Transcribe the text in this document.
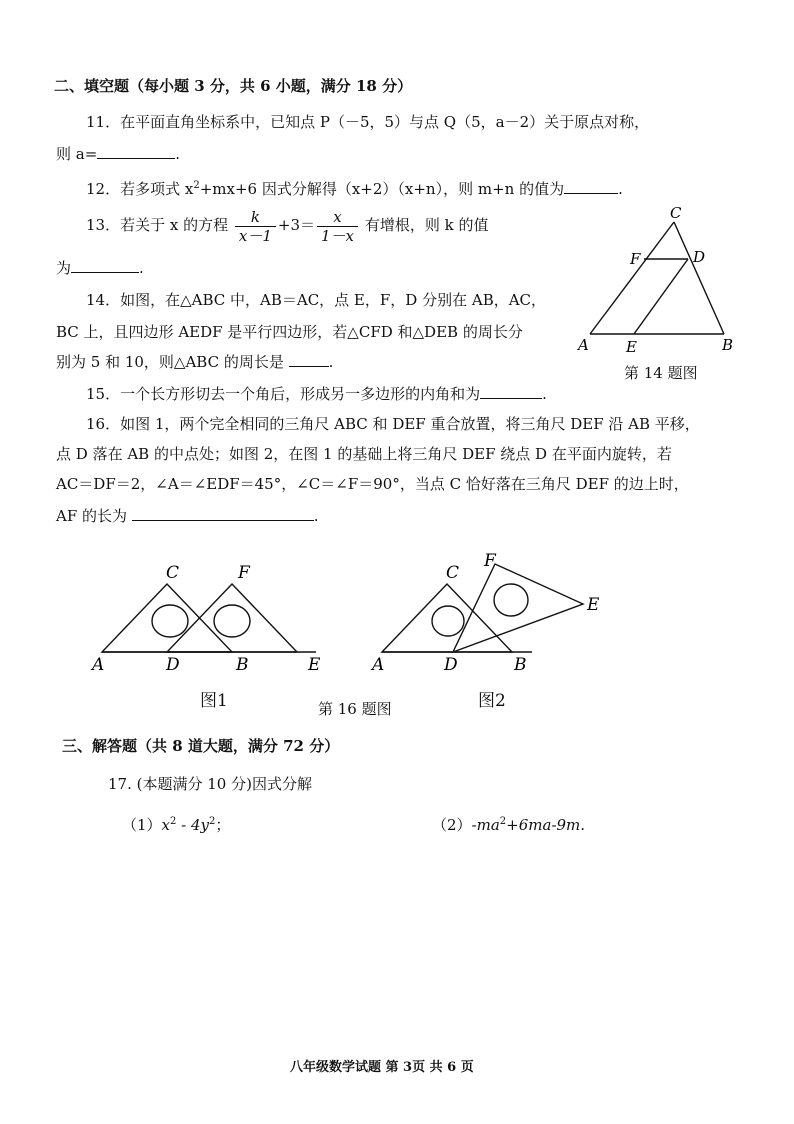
二、填空题（每小题 3 分，共 6 小题，满分 18 分）
11．在平面直角坐标系中，已知点 P（－5，5）与点 Q（5，a－2）关于原点对称，
则 a=	.
12．若多项式 $x^2+mx+6$ 因式分解得（x+2）（x+n），则 m+n 的值为	.
13．若关于 x 的方程 $\frac{k}{x-1} +3= \frac{x}{1-x}$ 有增根，则 k 的值
为	.
14．如图，在△ABC 中，AB＝AC，点 E，F，D 分别在 AB，AC，
BC 上，且四边形 AEDF 是平行四边形，若△CFD 和△DEB 的周长分
别为 5 和 10，则△ABC 的周长是	.
C
F	D
A E	B
第 14 题图
15．一个长方形切去一个角后，形成另一多边形的内角和为	.
16．如图 1，两个完全相同的三角尺 ABC 和 DEF 重合放置，将三角尺 DEF 沿 AB 平移，
点 D 落在 AB 的中点处；如图 2，在图 1 的基础上将三角尺 DEF 绕点 D 在平面内旋转，若
AC＝DF＝2，∠A＝∠EDF＝45°，∠C＝∠F＝90°，当点 C 恰好落在三角尺 DEF 的边上时，
AF 的长为	.
C	F
A	D	B	E
C
F
E
A	D	B
图1	第 16 题图	图2
三、解答题（共 8 道大题，满分 72 分）
17. (本题满分 10 分)因式分解
$(1)x^2 - 4y^2$；	$(2)-ma^2+6ma-9m$.
八年级数学试题 第 3页 共 6 页
